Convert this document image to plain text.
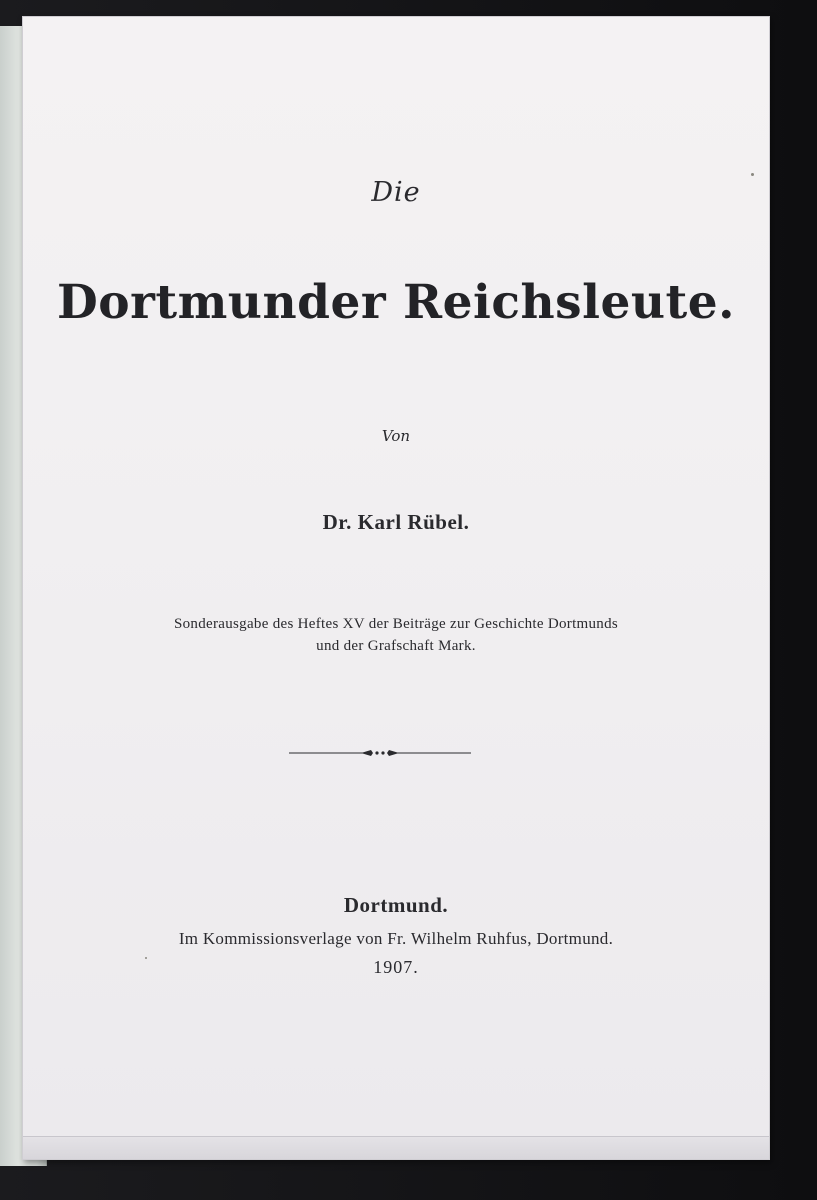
Die
Dortmunder Reichsleute.
Von
Dr. Karl Rübel.
Sonderausgabe des Heftes XV der Beiträge zur Geschichte Dortmunds
und der Grafschaft Mark.
Dortmund.
Im Kommissionsverlage von Fr. Wilhelm Ruhfus, Dortmund.
1907.
